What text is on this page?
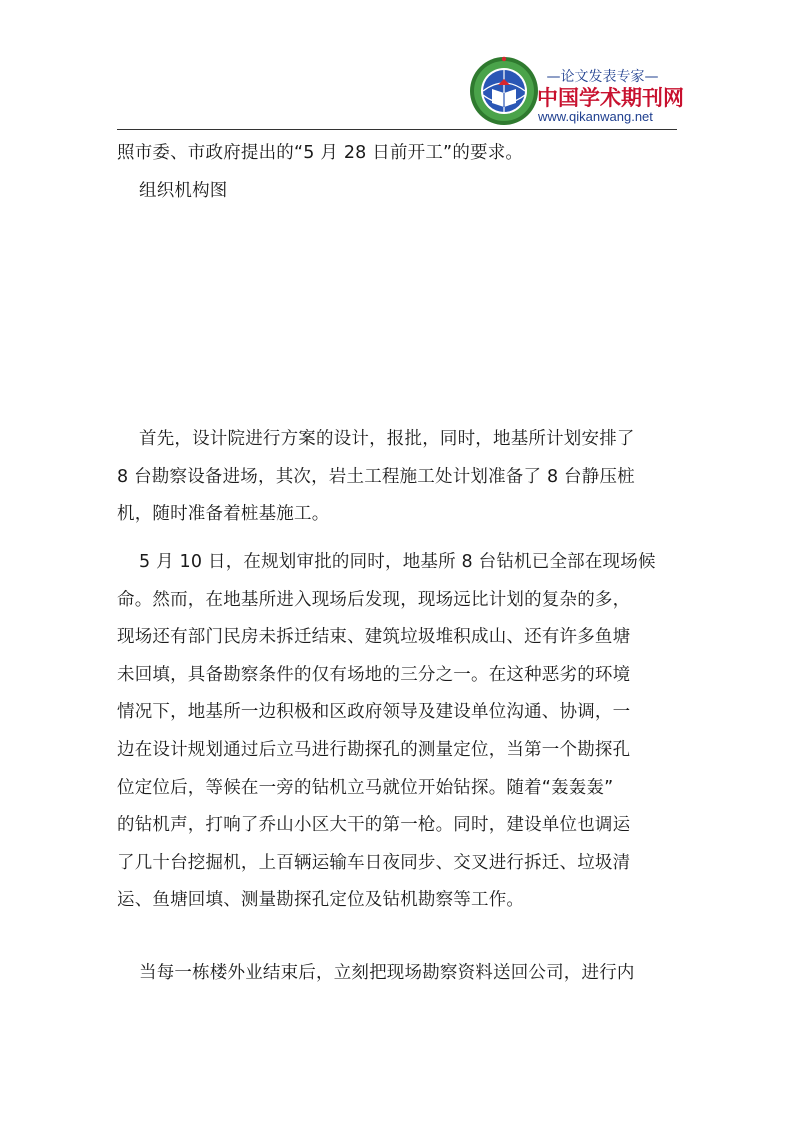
—论文发表专家—
中国学术期刊网
www.qikanwang.net

照市委、市政府提出的“5 月 28 日前开工”的要求。

组织机构图

首先，设计院进行方案的设计，报批，同时，地基所计划安排了
8 台勘察设备进场，其次，岩土工程施工处计划准备了 8 台静压桩
机，随时准备着桩基施工。

5 月 10 日，在规划审批的同时，地基所 8 台钻机已全部在现场候
命。然而，在地基所进入现场后发现，现场远比计划的复杂的多，
现场还有部门民房未拆迁结束、建筑垃圾堆积成山、还有许多鱼塘
未回填，具备勘察条件的仅有场地的三分之一。在这种恶劣的环境
情况下，地基所一边积极和区政府领导及建设单位沟通、协调，一
边在设计规划通过后立马进行勘探孔的测量定位，当第一个勘探孔
位定位后，等候在一旁的钻机立马就位开始钻探。随着“轰轰轰”
的钻机声，打响了乔山小区大干的第一枪。同时，建设单位也调运
了几十台挖掘机，上百辆运输车日夜同步、交叉进行拆迁、垃圾清
运、鱼塘回填、测量勘探孔定位及钻机勘察等工作。

当每一栋楼外业结束后，立刻把现场勘察资料送回公司，进行内
